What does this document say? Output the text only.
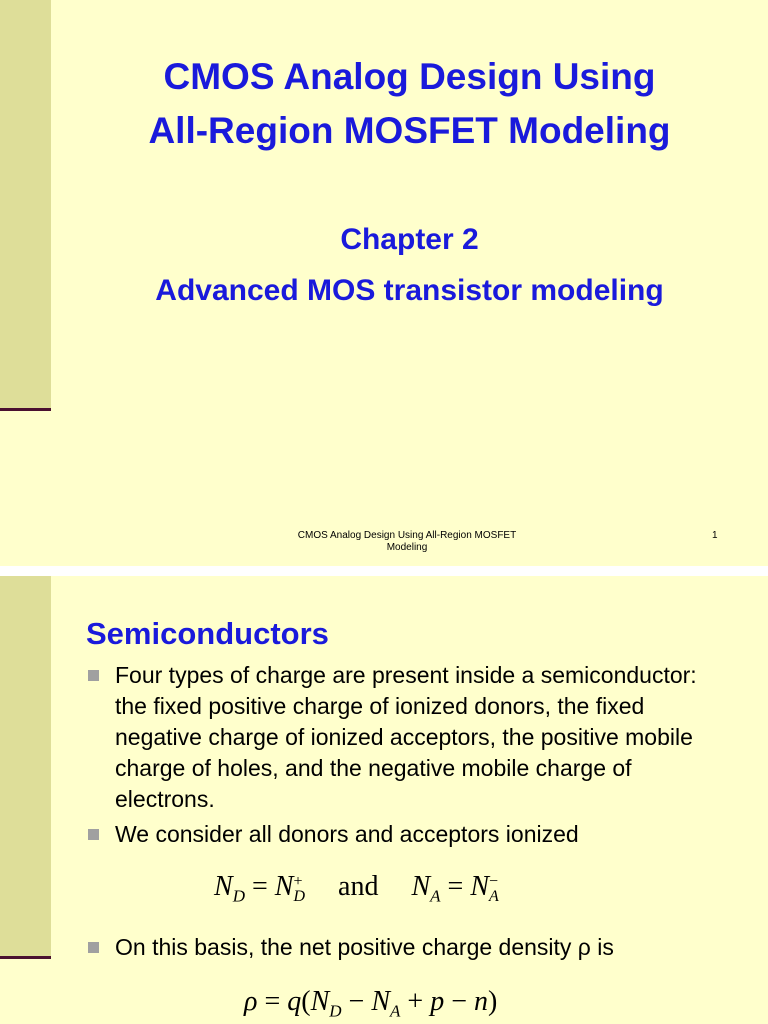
CMOS Analog Design Using
All-Region MOSFET Modeling
Chapter 2
Advanced MOS transistor modeling
CMOS Analog Design Using All-Region MOSFET
Modeling
1
Semiconductors
Four types of charge are present inside a semiconductor: the fixed positive charge of ionized donors, the fixed negative charge of ionized acceptors, the positive mobile charge of holes, and the negative mobile charge of electrons.
We consider all donors and acceptors ionized
$N_D = N+$
D and $N_A = N-$
A
On this basis, the net positive charge density ρ is
$\rho = q(N_D - N_A + p - n)$
